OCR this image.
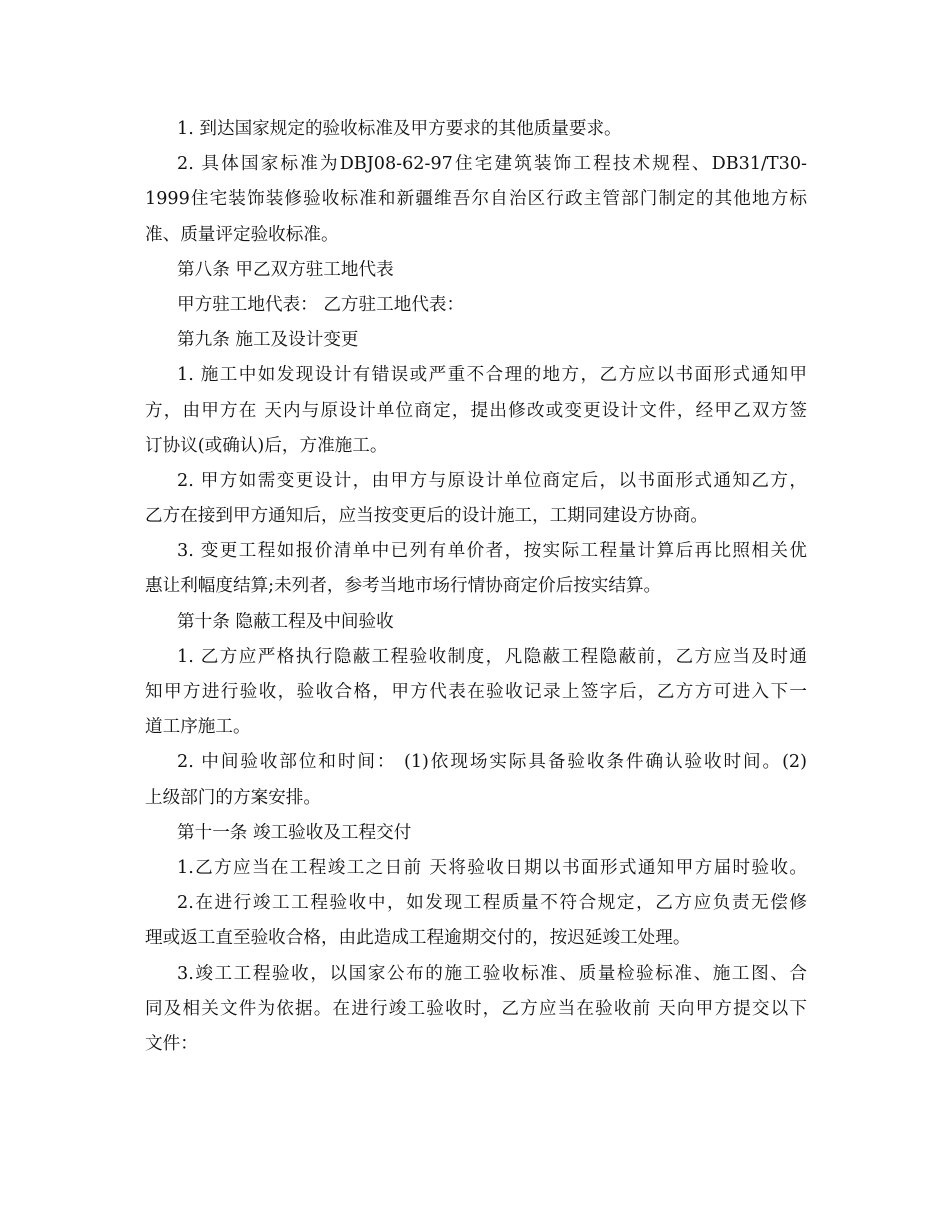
1. 到达国家规定的验收标准及甲方要求的其他质量要求。
2. 具体国家标准为DBJ08-62-97住宅建筑装饰工程技术规程、DB31/T30-
1999住宅装饰装修验收标准和新疆维吾尔自治区行政主管部门制定的其他地方标
准、质量评定验收标准。
第八条 甲乙双方驻工地代表
甲方驻工地代表： 乙方驻工地代表：
第九条 施工及设计变更
1. 施工中如发现设计有错误或严重不合理的地方，乙方应以书面形式通知甲
方，由甲方在 天内与原设计单位商定，提出修改或变更设计文件，经甲乙双方签
订协议(或确认)后，方准施工。
2. 甲方如需变更设计，由甲方与原设计单位商定后，以书面形式通知乙方，
乙方在接到甲方通知后，应当按变更后的设计施工，工期同建设方协商。
3. 变更工程如报价清单中已列有单价者，按实际工程量计算后再比照相关优
惠让利幅度结算;未列者，参考当地市场行情协商定价后按实结算。
第十条 隐蔽工程及中间验收
1. 乙方应严格执行隐蔽工程验收制度，凡隐蔽工程隐蔽前，乙方应当及时通
知甲方进行验收，验收合格，甲方代表在验收记录上签字后，乙方方可进入下一
道工序施工。
2. 中间验收部位和时间： (1)依现场实际具备验收条件确认验收时间。(2)
上级部门的方案安排。
第十一条 竣工验收及工程交付
1.乙方应当在工程竣工之日前 天将验收日期以书面形式通知甲方届时验收。
2.在进行竣工工程验收中，如发现工程质量不符合规定，乙方应负责无偿修
理或返工直至验收合格，由此造成工程逾期交付的，按迟延竣工处理。
3.竣工工程验收，以国家公布的施工验收标准、质量检验标准、施工图、合
同及相关文件为依据。在进行竣工验收时，乙方应当在验收前 天向甲方提交以下
文件：
